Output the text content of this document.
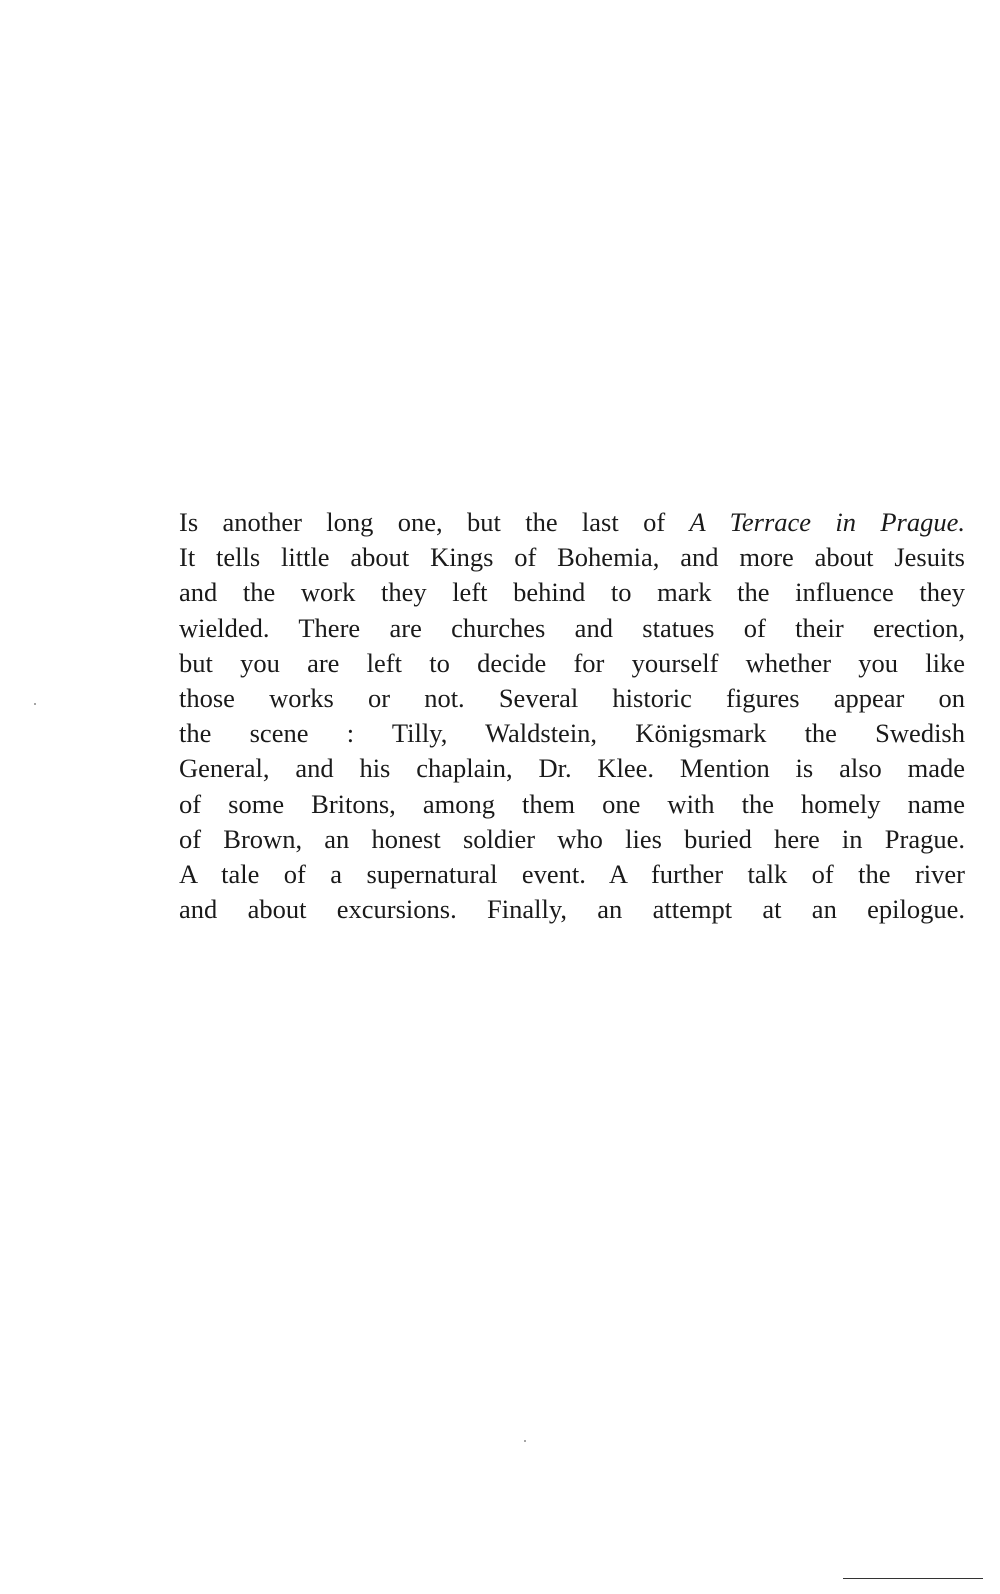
Is another long one, but the last of A Terrace in Prague.
It tells little about Kings of Bohemia, and more about Jesuits
and the work they left behind to mark the influence they
wielded. There are churches and statues of their erection,
but you are left to decide for yourself whether you like
those works or not. Several historic figures appear on
the scene : Tilly, Waldstein, Königsmark the Swedish
General, and his chaplain, Dr. Klee. Mention is also made
of some Britons, among them one with the homely name
of Brown, an honest soldier who lies buried here in Prague.
A tale of a supernatural event. A further talk of the river
and about excursions. Finally, an attempt at an epilogue.
